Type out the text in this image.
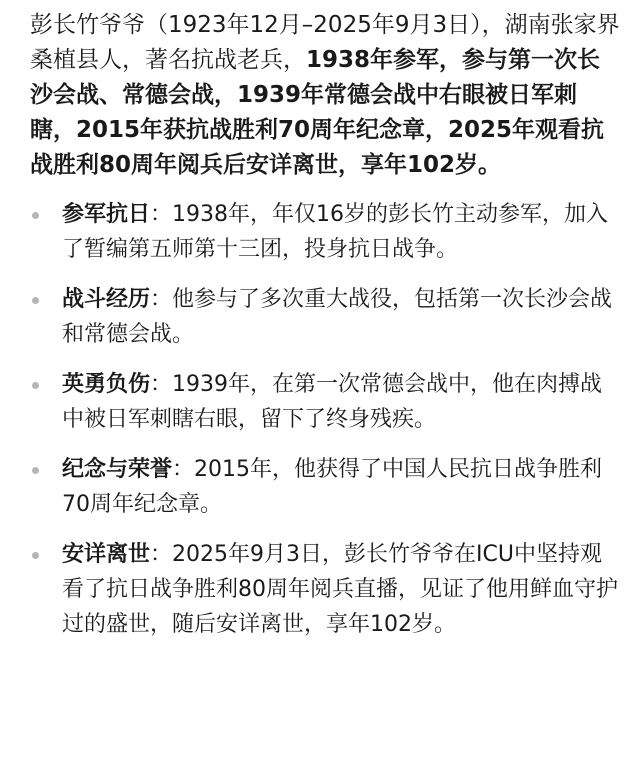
彭长竹爷爷（1923年12月–2025年9月3日），湖南张家界桑植县人，著名抗战老兵，1938年参军，参与第一次长沙会战、常德会战，1939年常德会战中右眼被日军刺瞎，2015年获抗战胜利70周年纪念章，2025年观看抗战胜利80周年阅兵后安详离世，享年102岁。

参军抗日：1938年，年仅16岁的彭长竹主动参军，加入了暂编第五师第十三团，投身抗日战争。
战斗经历：他参与了多次重大战役，包括第一次长沙会战和常德会战。
英勇负伤：1939年，在第一次常德会战中，他在肉搏战中被日军刺瞎右眼，留下了终身残疾。
纪念与荣誉：2015年，他获得了中国人民抗日战争胜利70周年纪念章。
安详离世：2025年9月3日，彭长竹爷爷在ICU中坚持观看了抗日战争胜利80周年阅兵直播，见证了他用鲜血守护过的盛世，随后安详离世，享年102岁。
